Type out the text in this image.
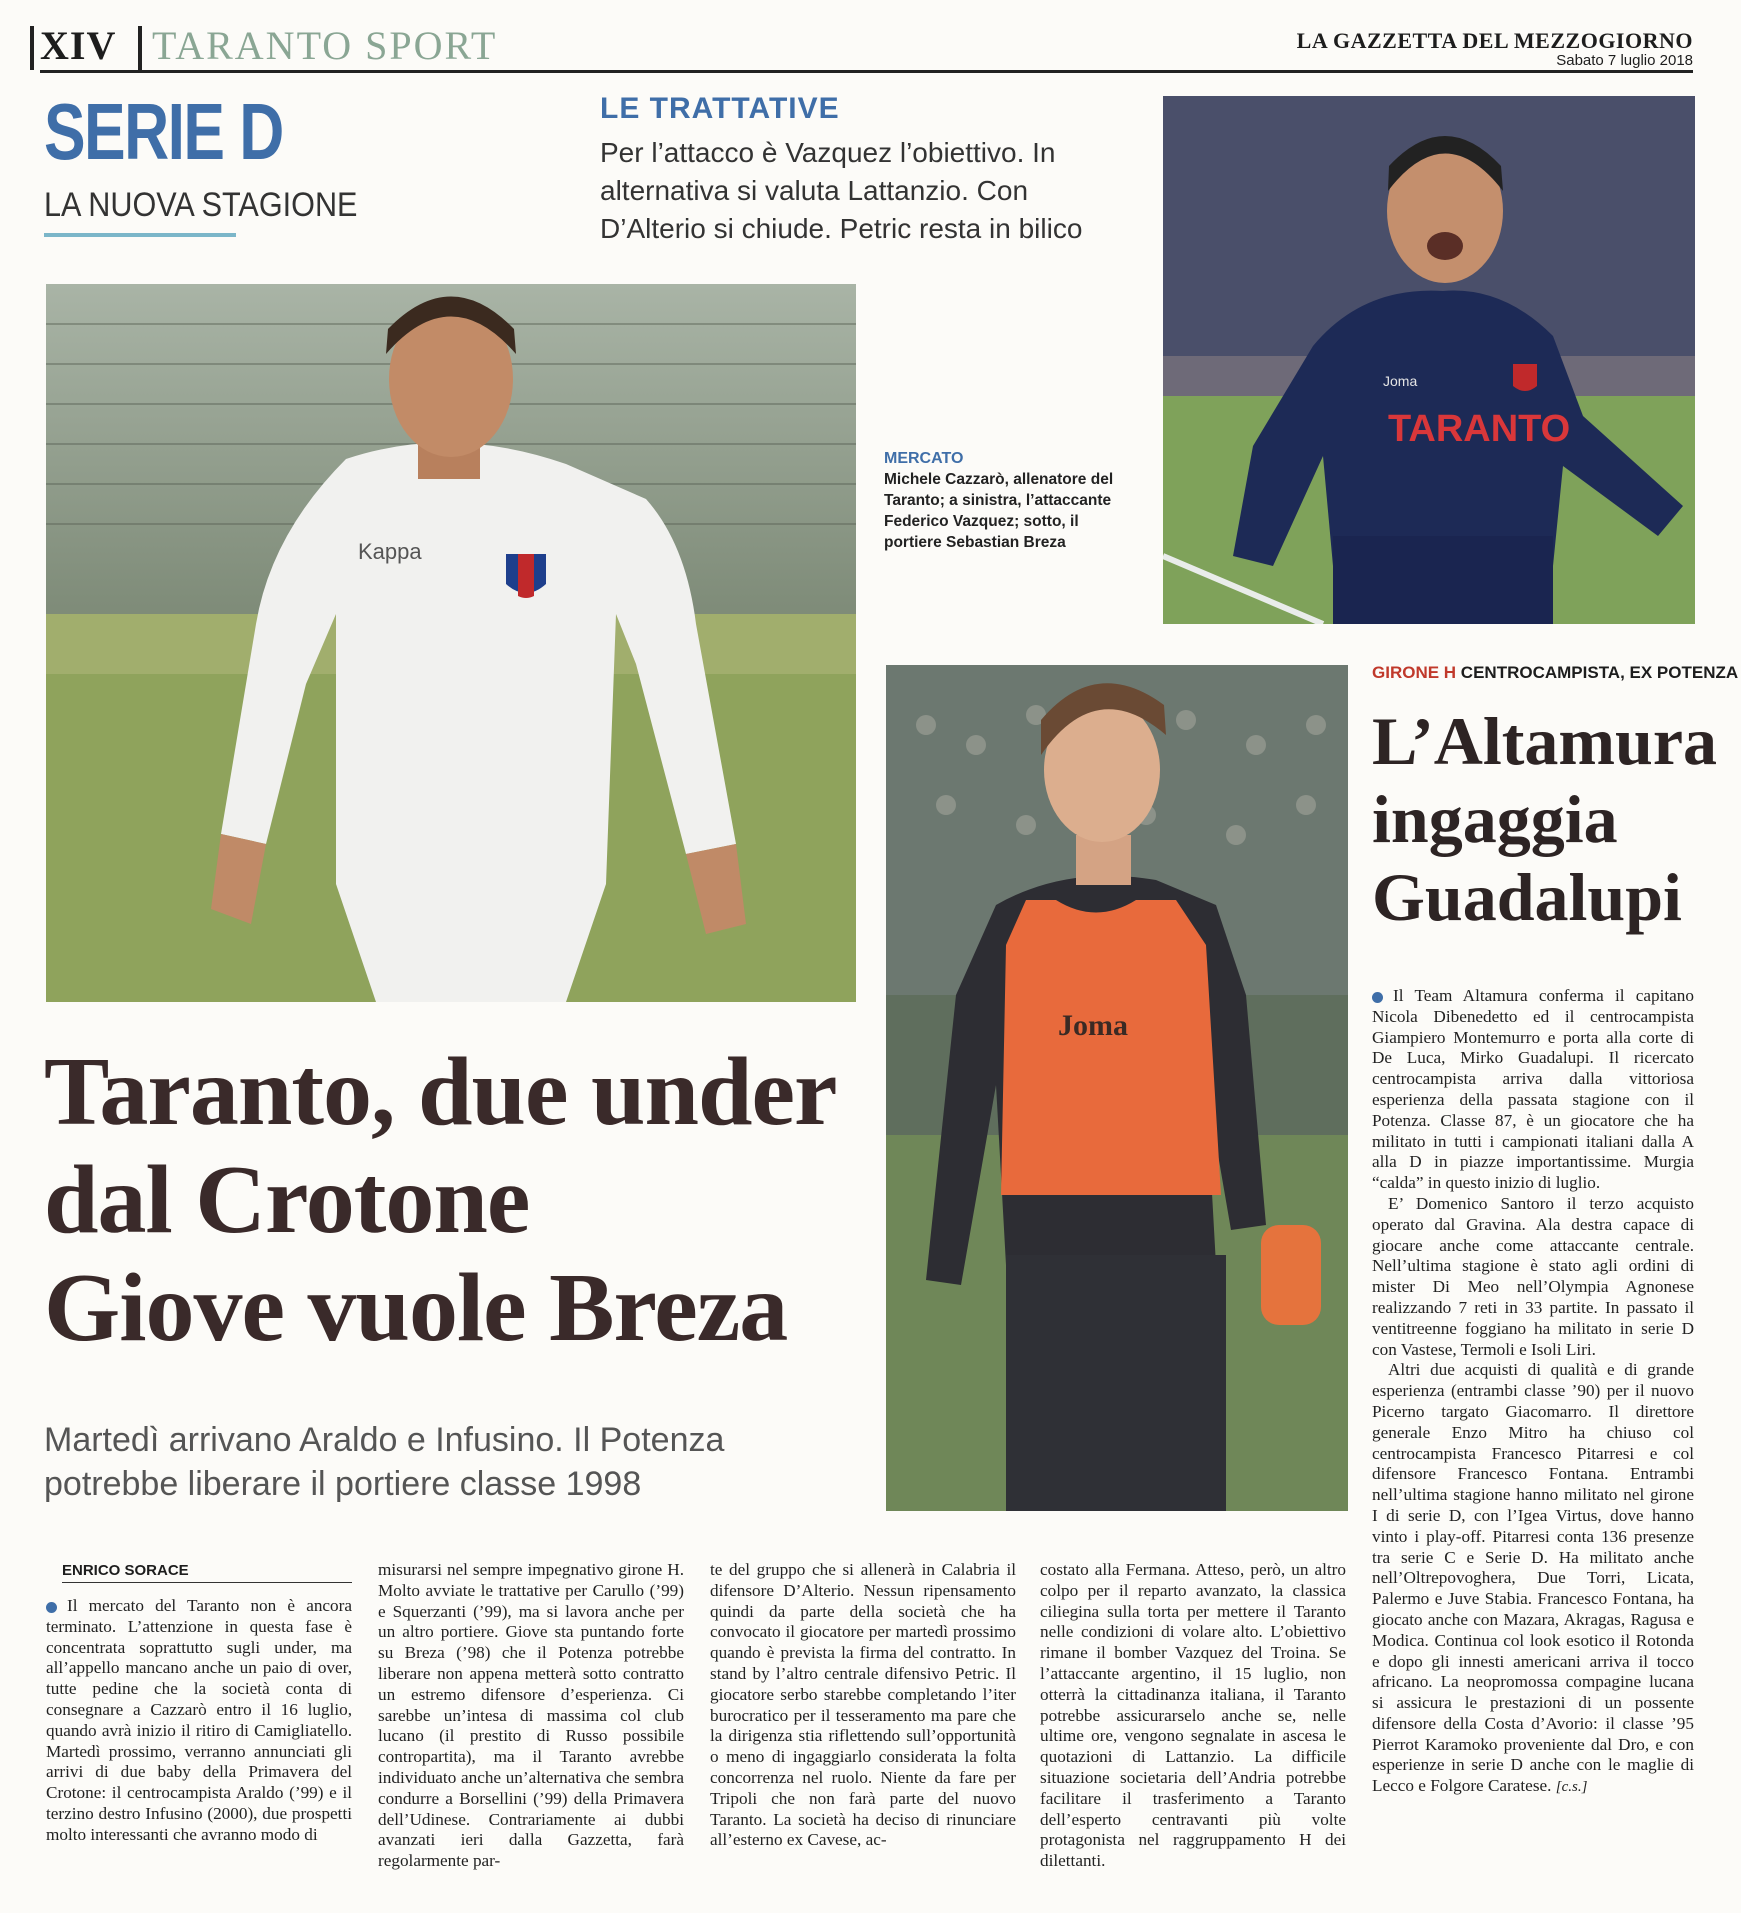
XIV TARANTO SPORT	LA GAZZETTA DEL MEZZOGIORNO
Sabato 7 luglio 2018
SERIE D
LA NUOVA STAGIONE
LE TRATTATIVE
Per l’attacco è Vazquez l’obiettivo. In alternativa si valuta Lattanzio. Con D’Alterio si chiude. Petric resta in bilico
Kappa
Joma
TARANTO
Joma
MERCATO
Michele Cazzarò, allenatore del Taranto; a sinistra, l’attaccante Federico Vazquez; sotto, il portiere Sebastian Breza
Taranto, due under
dal Crotone
Giove vuole Breza
Martedì arrivano Araldo e Infusino. Il Potenza potrebbe liberare il portiere classe 1998
ENRICO SORACE

Il mercato del Taranto non è ancora terminato. L’attenzione in questa fase è concentrata soprattutto sugli under, ma all’appello mancano anche un paio di over, tutte pedine che la società conta di consegnare a Cazzarò entro il 16 luglio, quando avrà inizio il ritiro di Camigliatello. Martedì prossimo, verranno annunciati gli arrivi di due baby della Primavera del Crotone: il centrocampista Araldo (’99) e il terzino destro Infusino (2000), due prospetti molto interessanti che avranno modo di

misurarsi nel sempre impegnativo girone H. Molto avviate le trattative per Carullo (’99) e Squerzanti (’99), ma si lavora anche per un altro portiere. Giove sta puntando forte su Breza (’98) che il Potenza potrebbe liberare non appena metterà sotto contratto un estremo difensore d’esperienza. Ci sarebbe un’intesa di massima col club lucano (il prestito di Russo possibile contropartita), ma il Taranto avrebbe individuato anche un’alternativa che sembra condurre a Borsellini (’99) della Primavera dell’Udinese. Contrariamente ai dubbi avanzati ieri dalla Gazzetta, farà regolarmente par-

te del gruppo che si allenerà in Calabria il difensore D’Alterio. Nessun ripensamento quindi da parte della società che ha convocato il giocatore per martedì prossimo quando è prevista la firma del contratto. In stand by l’altro centrale difensivo Petric. Il giocatore serbo starebbe completando l’iter burocratico per il tesseramento ma pare che la dirigenza stia riflettendo sull’opportunità o meno di ingaggiarlo considerata la folta concorrenza nel ruolo. Niente da fare per Tripoli che non farà parte del nuovo Taranto. La società ha deciso di rinunciare all’esterno ex Cavese, ac-

costato alla Fermana. Atteso, però, un altro colpo per il reparto avanzato, la classica ciliegina sulla torta per mettere il Taranto nelle condizioni di volare alto. L’obiettivo rimane il bomber Vazquez del Troina. Se l’attaccante argentino, il 15 luglio, non otterrà la cittadinanza italiana, il Taranto potrebbe assicurarselo anche se, nelle ultime ore, vengono segnalate in ascesa le quotazioni di Lattanzio. La difficile situazione societaria dell’Andria potrebbe facilitare il trasferimento a Taranto dell’esperto centravanti più volte protagonista nel raggruppamento H dei dilettanti.

GIRONE H CENTROCAMPISTA, EX POTENZA
L’Altamura
ingaggia
Guadalupi

Il Team Altamura conferma il capitano Nicola Dibenedetto ed il centrocampista Giampiero Montemurro e porta alla corte di De Luca, Mirko Guadalupi. Il ricercato centrocampista arriva dalla vittoriosa esperienza della passata stagione con il Potenza. Classe 87, è un giocatore che ha militato in tutti i campionati italiani dalla A alla D in piazze importantissime. Murgia “calda” in questo inizio di luglio.

E’ Domenico Santoro il terzo acquisto operato dal Gravina. Ala destra capace di giocare anche come attaccante centrale. Nell’ultima stagione è stato agli ordini di mister Di Meo nell’Olympia Agnonese realizzando 7 reti in 33 partite. In passato il ventitreenne foggiano ha militato in serie D con Vastese, Termoli e Isoli Liri.

Altri due acquisti di qualità e di grande esperienza (entrambi classe ’90) per il nuovo Picerno targato Giacomarro. Il direttore generale Enzo Mitro ha chiuso col centrocampista Francesco Pitarresi e col difensore Francesco Fontana. Entrambi nell’ultima stagione hanno militato nel girone I di serie D, con l’Igea Virtus, dove hanno vinto i play-off. Pitarresi conta 136 presenze tra serie C e Serie D. Ha militato anche nell’Oltrepovoghera, Due Torri, Licata, Palermo e Juve Stabia. Francesco Fontana, ha giocato anche con Mazara, Akragas, Ragusa e Modica. Continua col look esotico il Rotonda e dopo gli innesti americani arriva il tocco africano. La neopromossa compagine lucana si assicura le prestazioni di un possente difensore della Costa d’Avorio: il classe ’95 Pierrot Karamoko proveniente dal Dro, e con esperienze in serie D anche con le maglie di Lecco e Folgore Caratese. [c.s.]
